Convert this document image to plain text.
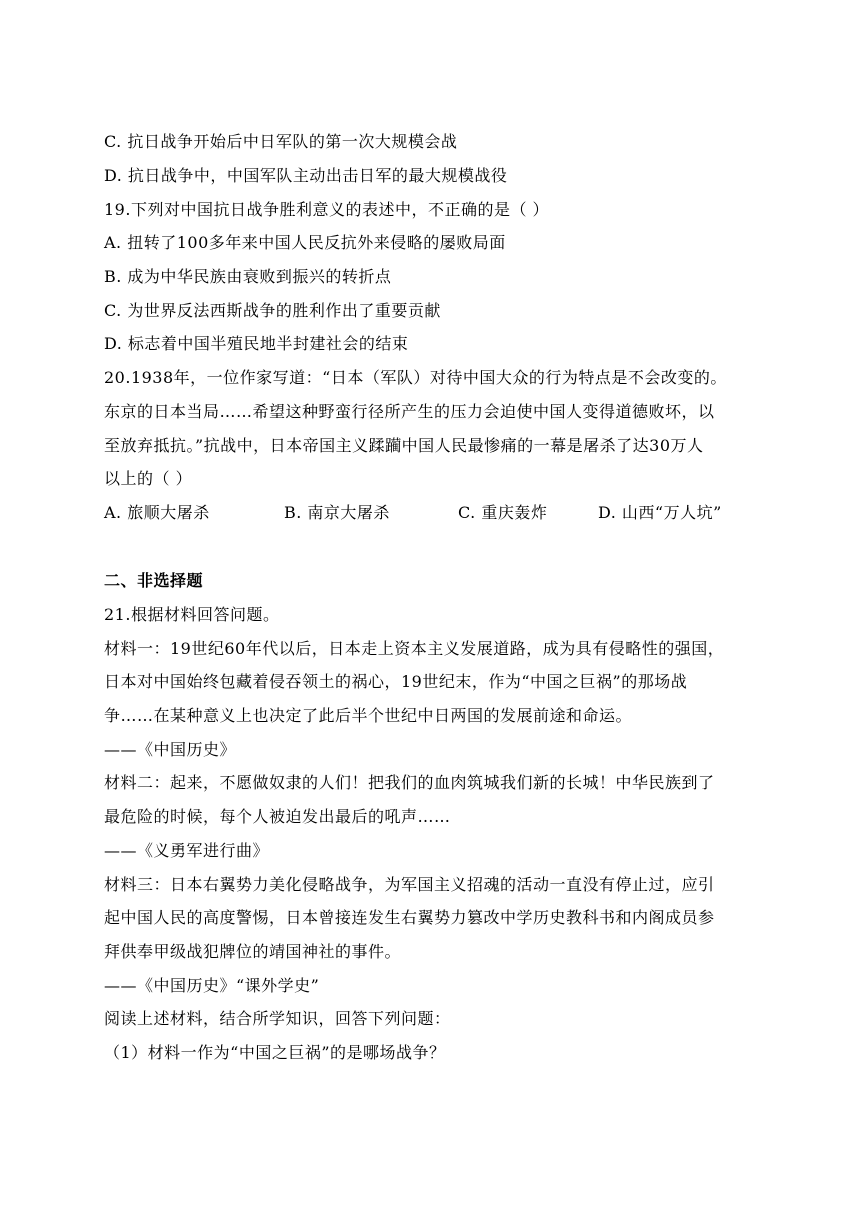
C. 抗日战争开始后中日军队的第一次大规模会战
D. 抗日战争中，中国军队主动出击日军的最大规模战役
19.下列对中国抗日战争胜利意义的表述中，不正确的是（ ）
A. 扭转了100多年来中国人民反抗外来侵略的屡败局面
B. 成为中华民族由衰败到振兴的转折点
C. 为世界反法西斯战争的胜利作出了重要贡献
D. 标志着中国半殖民地半封建社会的结束
20.1938年，一位作家写道：“日本（军队）对待中国大众的行为特点是不会改变的。
东京的日本当局……希望这种野蛮行径所产生的压力会迫使中国人变得道德败坏，以
至放弃抵抗。”抗战中，日本帝国主义蹂躏中国人民最惨痛的一幕是屠杀了达30万人
以上的（ ）
A. 旅顺大屠杀	B. 南京大屠杀	C. 重庆轰炸	D. 山西“万人坑”
二、非选择题
21.根据材料回答问题。
材料一：19世纪60年代以后，日本走上资本主义发展道路，成为具有侵略性的强国，
日本对中国始终包藏着侵吞领土的祸心，19世纪末，作为“中国之巨祸”的那场战
争……在某种意义上也决定了此后半个世纪中日两国的发展前途和命运。
——《中国历史》
材料二：起来，不愿做奴隶的人们！把我们的血肉筑城我们新的长城！中华民族到了
最危险的时候，每个人被迫发出最后的吼声……
——《义勇军进行曲》
材料三：日本右翼势力美化侵略战争，为军国主义招魂的活动一直没有停止过，应引
起中国人民的高度警惕，日本曾接连发生右翼势力篡改中学历史教科书和内阁成员参
拜供奉甲级战犯牌位的靖国神社的事件。
——《中国历史》“课外学史”
阅读上述材料，结合所学知识，回答下列问题：
（1）材料一作为“中国之巨祸”的是哪场战争？
